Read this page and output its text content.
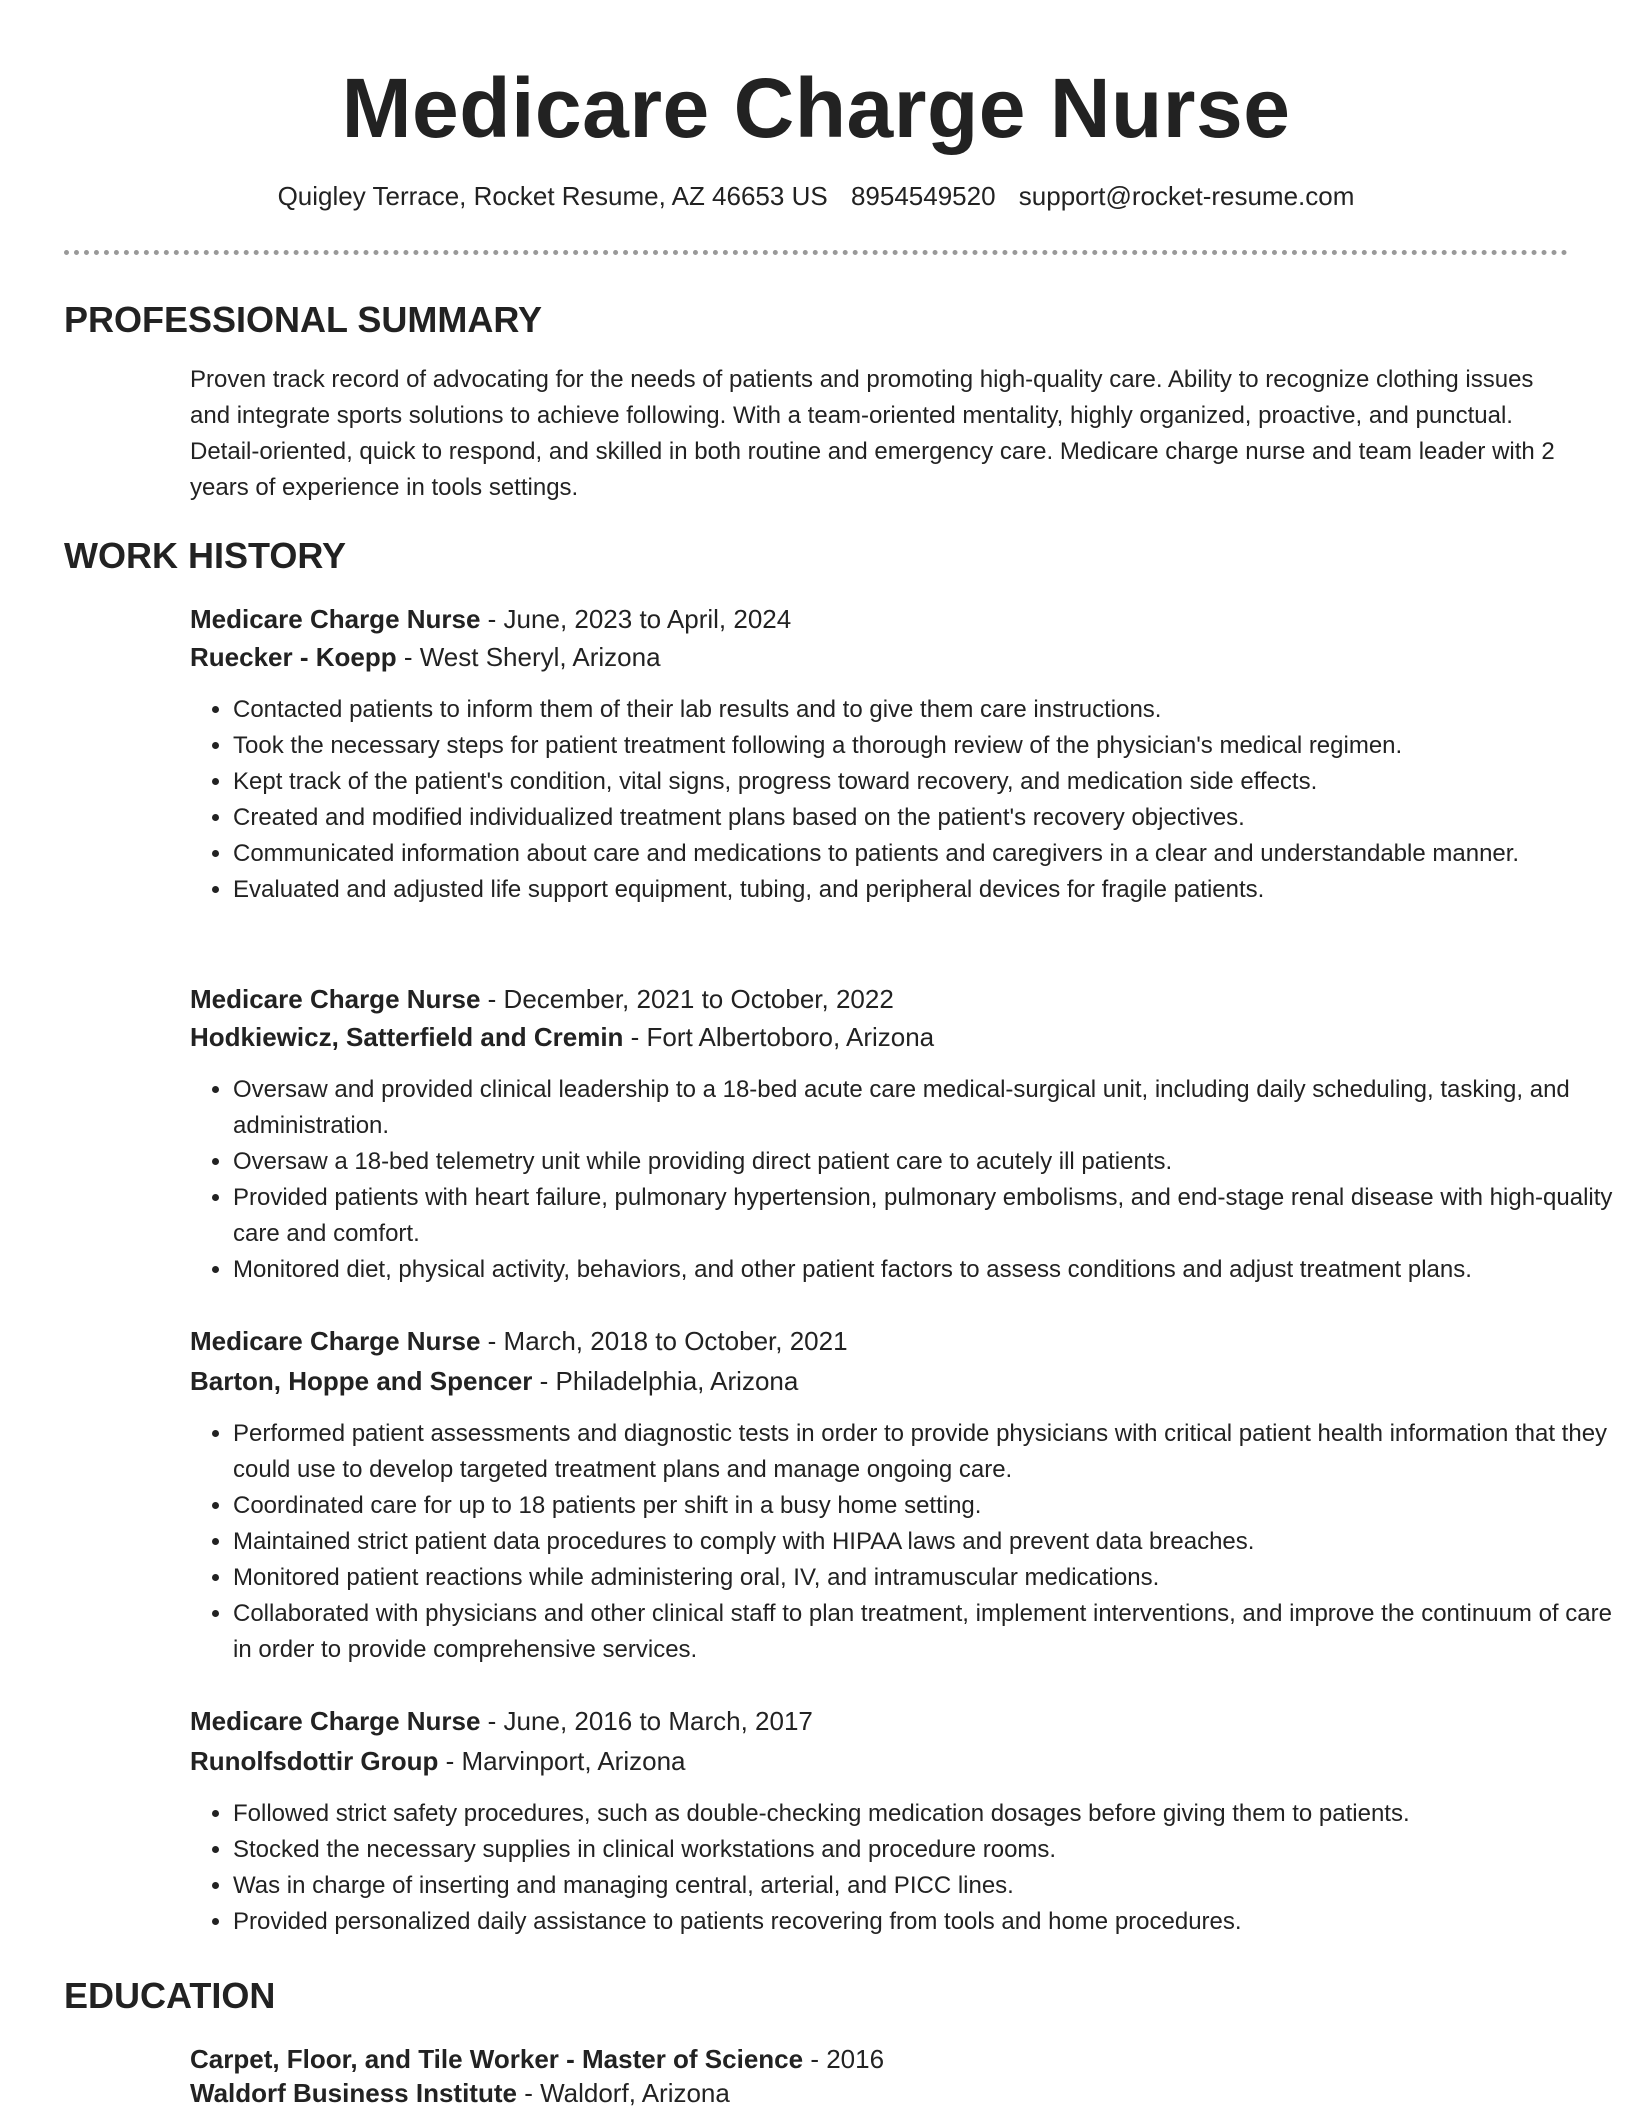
Medicare Charge Nurse
Quigley Terrace, Rocket Resume, AZ 46653 US 8954549520 support@rocket-resume.com
PROFESSIONAL SUMMARY

Proven track record of advocating for the needs of patients and promoting high-quality care. Ability to recognize clothing issues and integrate sports solutions to achieve following. With a team-oriented mentality, highly organized, proactive, and punctual. Detail-oriented, quick to respond, and skilled in both routine and emergency care. Medicare charge nurse and team leader with 2 years of experience in tools settings.

WORK HISTORY
Medicare Charge Nurse - June, 2023 to April, 2024
Ruecker - Koepp - West Sheryl, Arizona
• Contacted patients to inform them of their lab results and to give them care instructions.
• Took the necessary steps for patient treatment following a thorough review of the physician's medical regimen.
• Kept track of the patient's condition, vital signs, progress toward recovery, and medication side effects.
• Created and modified individualized treatment plans based on the patient's recovery objectives.
• Communicated information about care and medications to patients and caregivers in a clear and understandable manner.
• Evaluated and adjusted life support equipment, tubing, and peripheral devices for fragile patients.
Medicare Charge Nurse - December, 2021 to October, 2022
Hodkiewicz, Satterfield and Cremin - Fort Albertoboro, Arizona
• Oversaw and provided clinical leadership to a 18-bed acute care medical-surgical unit, including daily scheduling, tasking, and administration.
• Oversaw a 18-bed telemetry unit while providing direct patient care to acutely ill patients.
• Provided patients with heart failure, pulmonary hypertension, pulmonary embolisms, and end-stage renal disease with high-quality care and comfort.
• Monitored diet, physical activity, behaviors, and other patient factors to assess conditions and adjust treatment plans.
Medicare Charge Nurse - March, 2018 to October, 2021
Barton, Hoppe and Spencer - Philadelphia, Arizona
• Performed patient assessments and diagnostic tests in order to provide physicians with critical patient health information that they could use to develop targeted treatment plans and manage ongoing care.
• Coordinated care for up to 18 patients per shift in a busy home setting.
• Maintained strict patient data procedures to comply with HIPAA laws and prevent data breaches.
• Monitored patient reactions while administering oral, IV, and intramuscular medications.
• Collaborated with physicians and other clinical staff to plan treatment, implement interventions, and improve the continuum of care in order to provide comprehensive services.
Medicare Charge Nurse - June, 2016 to March, 2017
Runolfsdottir Group - Marvinport, Arizona
• Followed strict safety procedures, such as double-checking medication dosages before giving them to patients.
• Stocked the necessary supplies in clinical workstations and procedure rooms.
• Was in charge of inserting and managing central, arterial, and PICC lines.
• Provided personalized daily assistance to patients recovering from tools and home procedures.
EDUCATION
Carpet, Floor, and Tile Worker - Master of Science - 2016
Waldorf Business Institute - Waldorf, Arizona
